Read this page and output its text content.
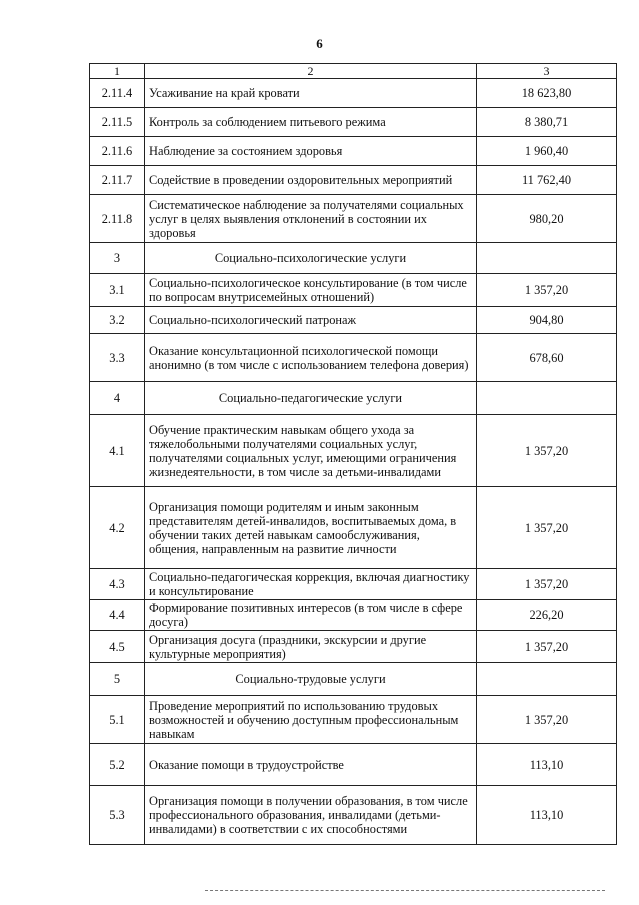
6
1	2	3
2.11.4	Усаживание на край кровати	18 623,80
2.11.5	Контроль за соблюдением питьевого режима	8 380,71
2.11.6	Наблюдение за состоянием здоровья	1 960,40
2.11.7	Содействие в проведении оздоровительных мероприятий	11 762,40
2.11.8	Систематическое наблюдение за получателями социальных услуг в целях выявления отклонений в состоянии их здоровья	980,20
3	Социально-психологические услуги	
3.1	Социально-психологическое консультирование (в том числе по вопросам внутрисемейных отношений)	1 357,20
3.2	Социально-психологический патронаж	904,80
3.3	Оказание консультационной психологической помощи анонимно (в том числе с использованием телефона доверия)	678,60
4	Социально-педагогические услуги	
4.1	Обучение практическим навыкам общего ухода за тяжелобольными получателями социальных услуг, получателями социальных услуг, имеющими ограничения жизнедеятельности, в том числе за детьми-инвалидами	1 357,20
4.2	Организация помощи родителям и иным законным представителям детей-инвалидов, воспитываемых дома, в обучении таких детей навыкам самообслуживания, общения, направленным на развитие личности	1 357,20
4.3	Социально-педагогическая коррекция, включая диагностику и консультирование	1 357,20
4.4	Формирование позитивных интересов (в том числе в сфере досуга)	226,20
4.5	Организация досуга (праздники, экскурсии и другие культурные мероприятия)	1 357,20
5	Социально-трудовые услуги	
5.1	Проведение мероприятий по использованию трудовых возможностей и обучению доступным профессиональным навыкам	1 357,20
5.2	Оказание помощи в трудоустройстве	113,10
5.3	Организация помощи в получении образования, в том числе профессионального образования, инвалидами (детьми-инвалидами) в соответствии с их способностями	113,10
